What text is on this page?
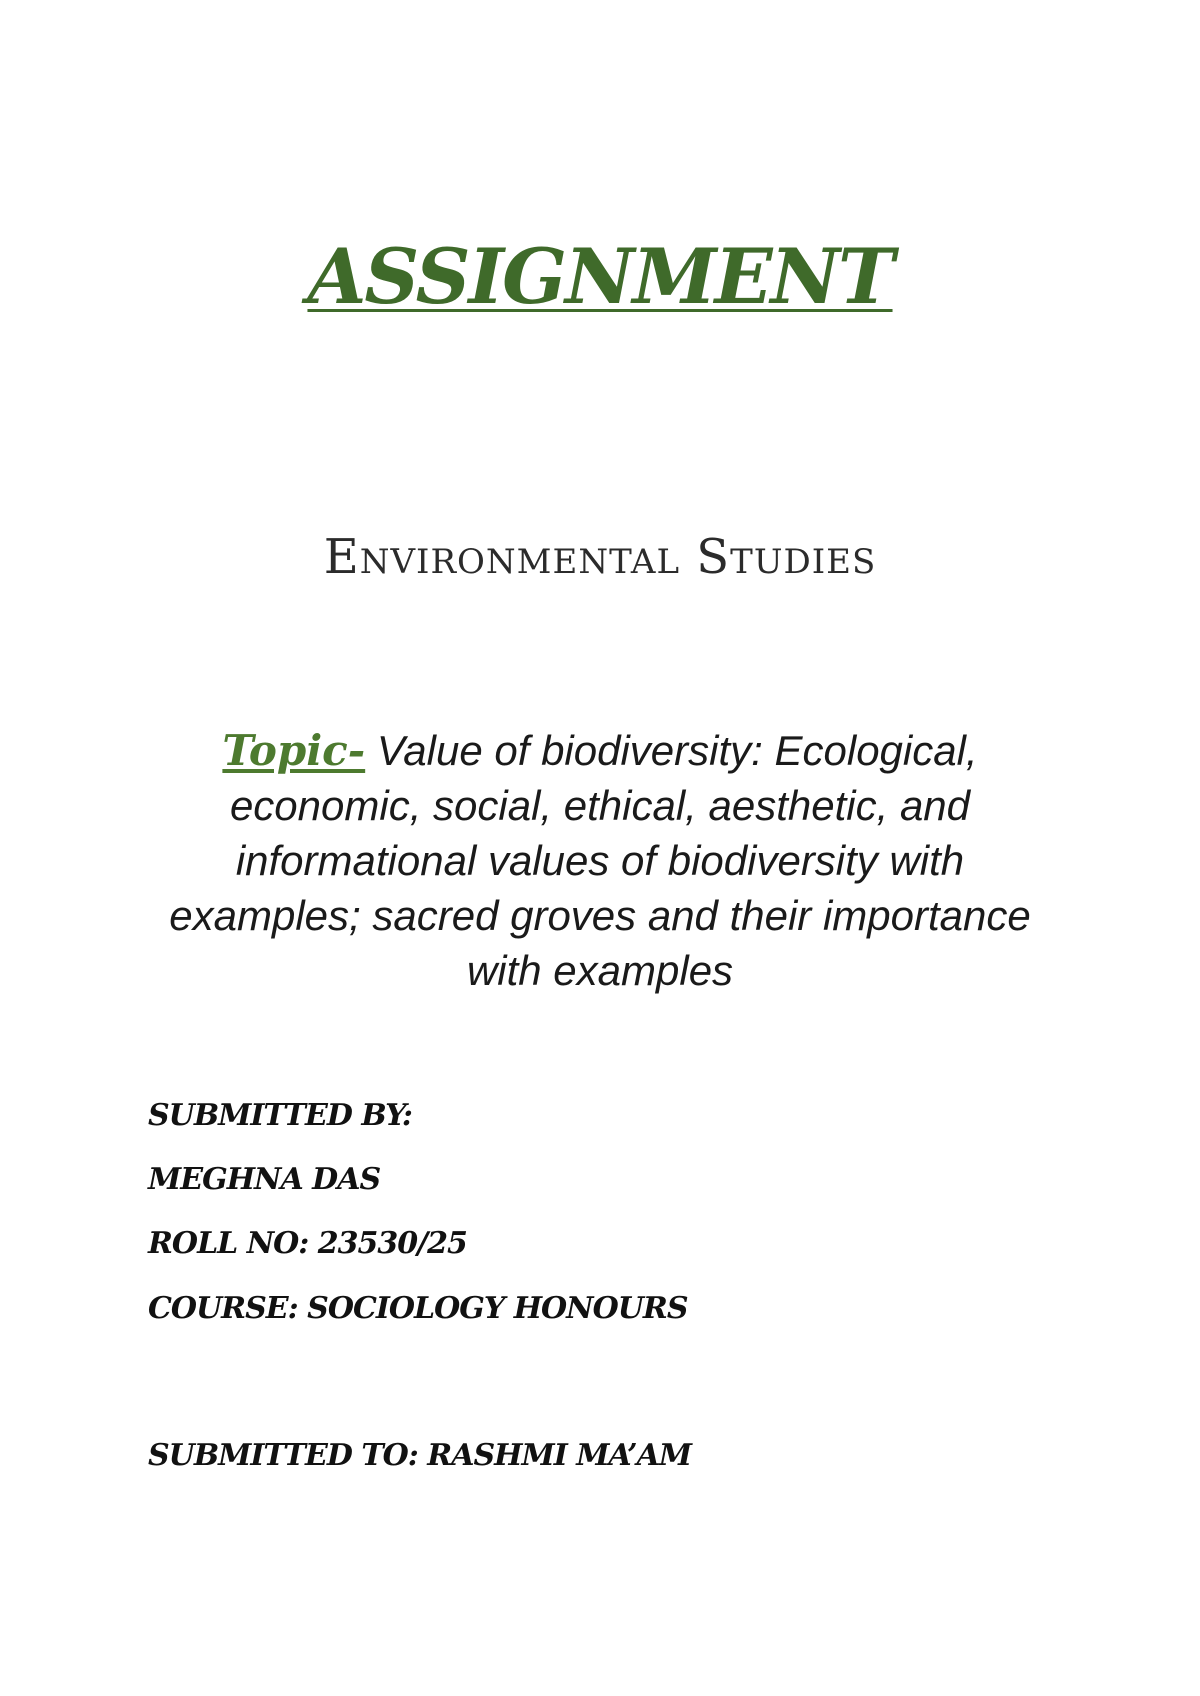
ASSIGNMENT
Environmental Studies
Topic- Value of biodiversity: Ecological, economic, social, ethical, aesthetic, and informational values of biodiversity with examples; sacred groves and their importance with examples
SUBMITTED BY:
MEGHNA DAS
ROLL NO: 23530/25
COURSE: SOCIOLOGY HONOURS
SUBMITTED TO: RASHMI MA’AM
